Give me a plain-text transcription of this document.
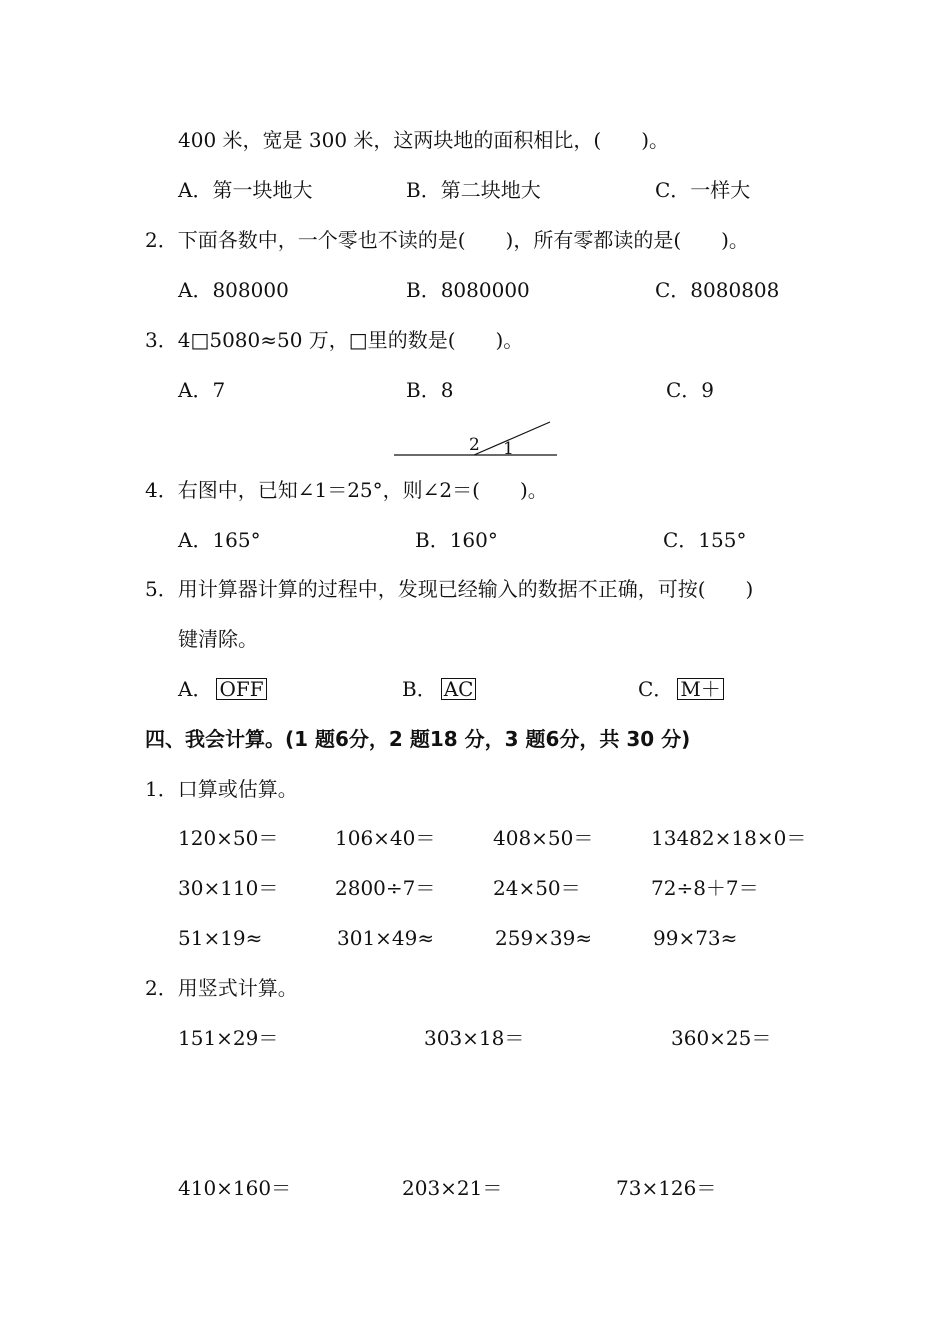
400 米，宽是 300 米，这两块地的面积相比，(　　)。
A．第一块地大	B．第二块地大	C．一样大
2．下面各数中，一个零也不读的是(　　)，所有零都读的是(　　)。
A．808000	B．8080000	C．8080808
3．4□5080≈50 万，□里的数是(　　)。
A．7	B．8	C．9
2 1
4．右图中，已知∠1＝25°，则∠2＝(　　)。
A．165°	B．160°	C．155°
5．用计算器计算的过程中，发现已经输入的数据不正确，可按(　　)
键清除。
A． OFF	B． AC	C． M＋
四、我会计算。(1 题6分，2 题18 分，3 题6分，共 30 分)
1．口算或估算。
120×50＝	106×40＝	408×50＝	13482×18×0＝
30×110＝	2800÷7＝	24×50＝	72÷8＋7＝
51×19≈	301×49≈	259×39≈	99×73≈
2．用竖式计算。
151×29＝	303×18＝	360×25＝
410×160＝	203×21＝	73×126＝
